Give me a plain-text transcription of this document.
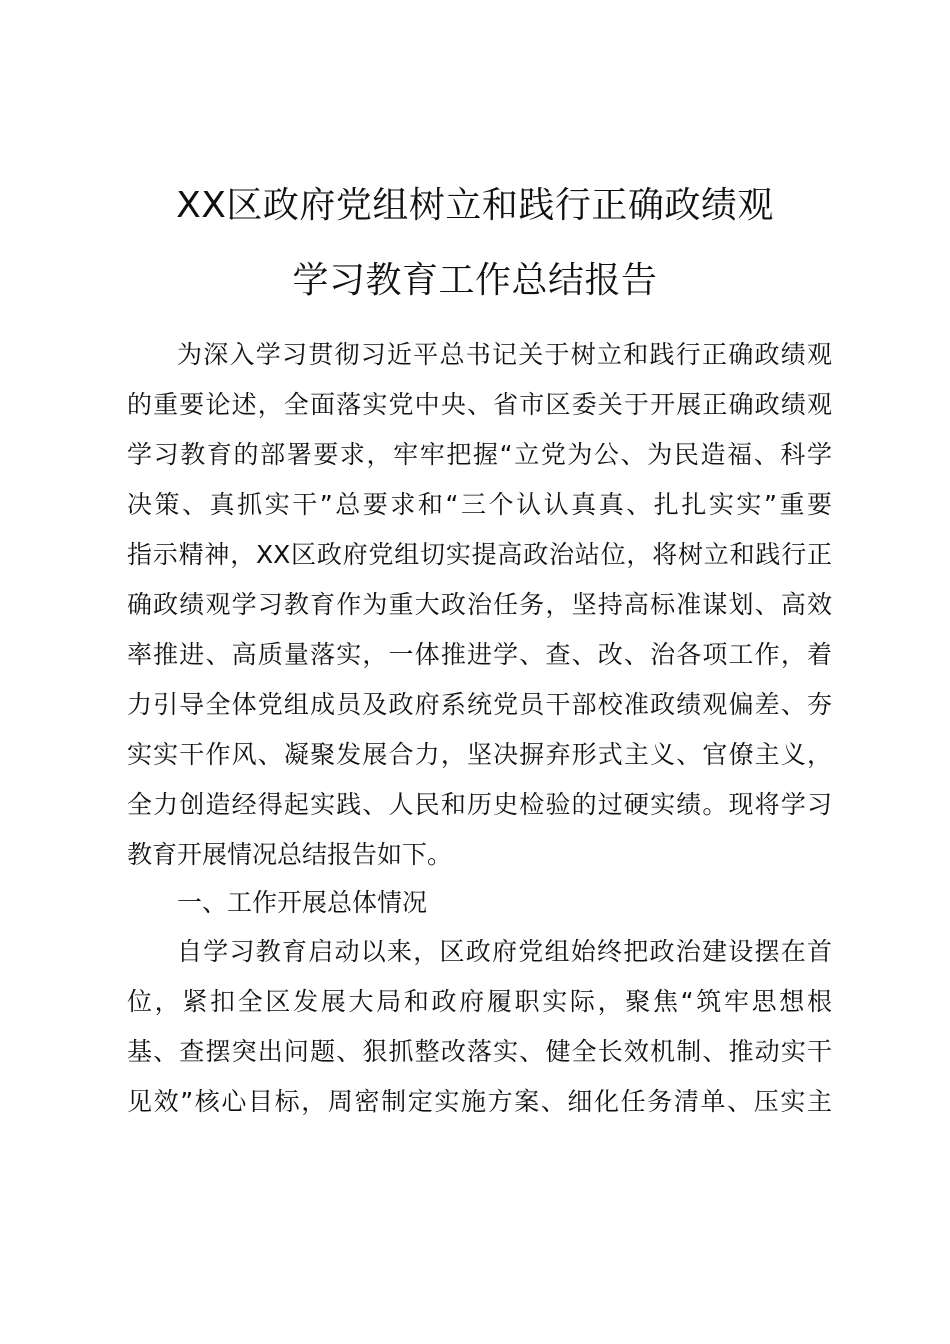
XX区政府党组树立和践行正确政绩观
学习教育工作总结报告
为深入学习贯彻习近平总书记关于树立和践行正确政绩观
的重要论述，全面落实党中央、省市区委关于开展正确政绩观
学习教育的部署要求，牢牢把握“立党为公、为民造福、科学
决策、真抓实干”总要求和“三个认认真真、扎扎实实”重要
指示精神，XX区政府党组切实提高政治站位，将树立和践行正
确政绩观学习教育作为重大政治任务，坚持高标准谋划、高效
率推进、高质量落实，一体推进学、查、改、治各项工作，着
力引导全体党组成员及政府系统党员干部校准政绩观偏差、夯
实实干作风、凝聚发展合力，坚决摒弃形式主义、官僚主义，
全力创造经得起实践、人民和历史检验的过硬实绩。现将学习
教育开展情况总结报告如下。
一、工作开展总体情况
自学习教育启动以来，区政府党组始终把政治建设摆在首
位，紧扣全区发展大局和政府履职实际，聚焦“筑牢思想根
基、查摆突出问题、狠抓整改落实、健全长效机制、推动实干
见效”核心目标，周密制定实施方案、细化任务清单、压实主
